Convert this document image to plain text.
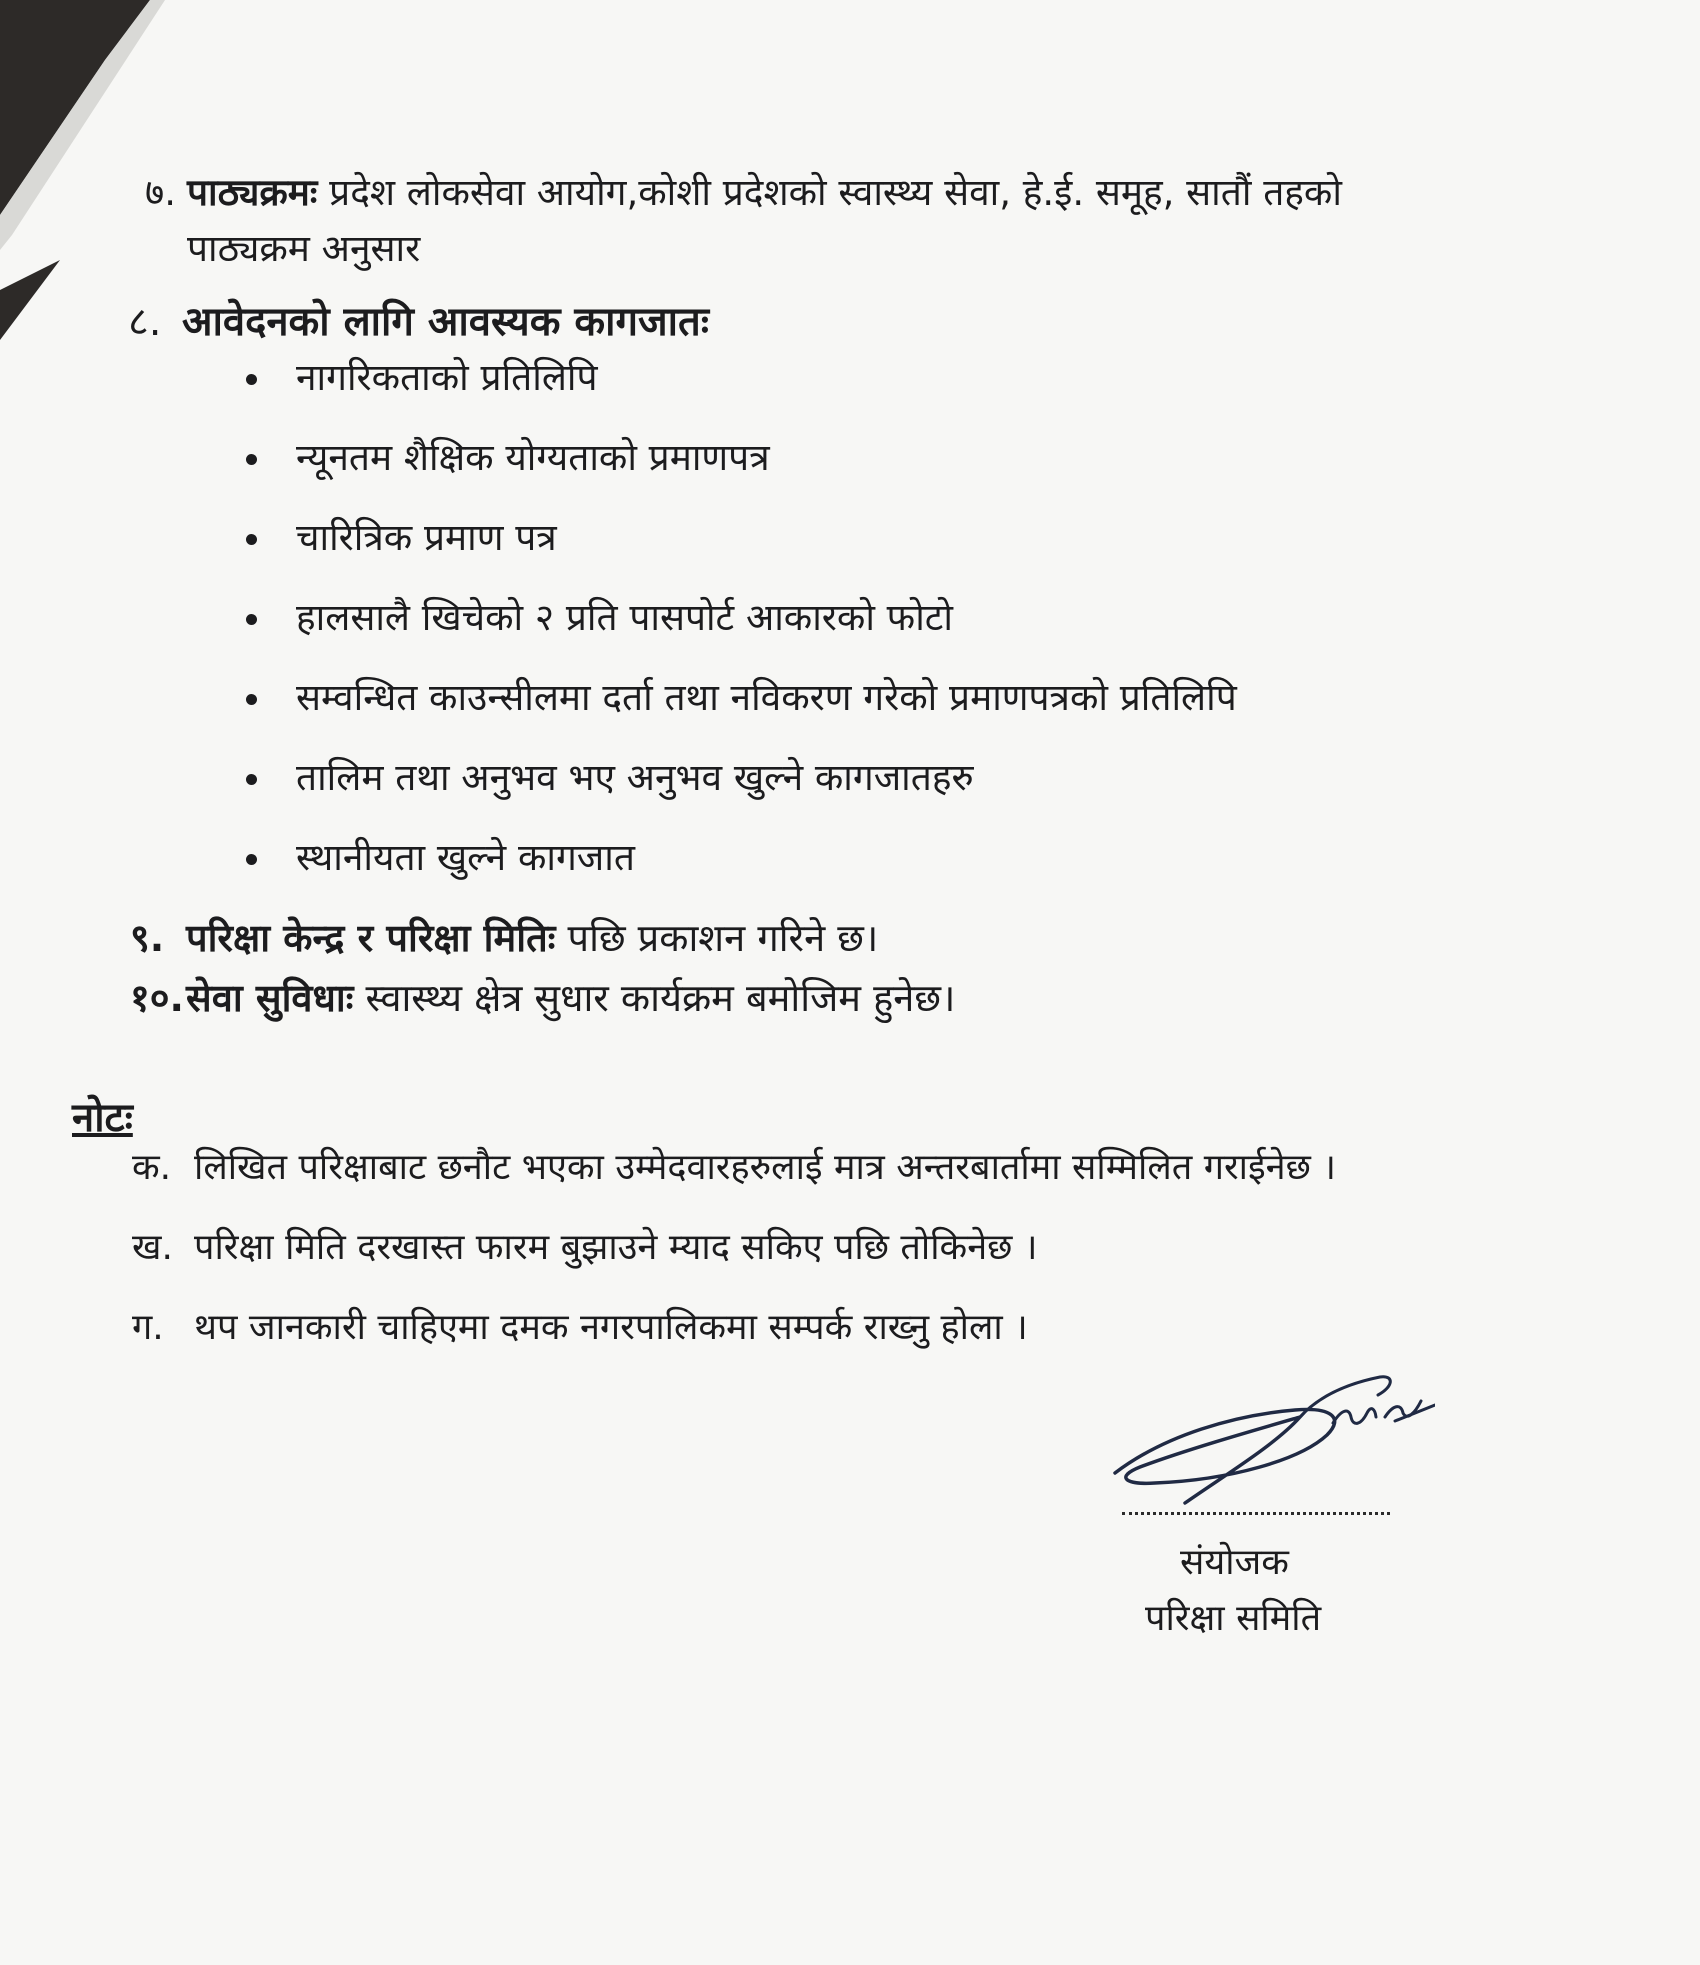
७. पाठ्यक्रमः प्रदेश लोकसेवा आयोग,कोशी प्रदेशको स्वास्थ्य सेवा, हे.ई. समूह, सातौं तहको
पाठ्यक्रम अनुसार
८. आवेदनको लागि आवस्यक कागजातः
नागरिकताको प्रतिलिपि
न्यूनतम शैक्षिक योग्यताको प्रमाणपत्र
चारित्रिक प्रमाण पत्र
हालसालै खिचेको २ प्रति पासपोर्ट आकारको फोटो
सम्वन्धित काउन्सीलमा दर्ता तथा नविकरण गरेको प्रमाणपत्रको प्रतिलिपि
तालिम तथा अनुभव भए अनुभव खुल्ने कागजातहरु
स्थानीयता खुल्ने कागजात
९. परिक्षा केन्द्र र परिक्षा मितिः पछि प्रकाशन गरिने छ।
१०.सेवा सुविधाः स्वास्थ्य क्षेत्र सुधार कार्यक्रम बमोजिम हुनेछ।
नोटः
क. लिखित परिक्षाबाट छनौट भएका उम्मेदवारहरुलाई मात्र अन्तरबार्तामा सम्मिलित गराईनेछ ।
ख. परिक्षा मिति दरखास्त फारम बुझाउने म्याद सकिए पछि तोकिनेछ ।
ग. थप जानकारी चाहिएमा दमक नगरपालिकमा सम्पर्क राख्नु होला ।
संयोजक
परिक्षा समिति
